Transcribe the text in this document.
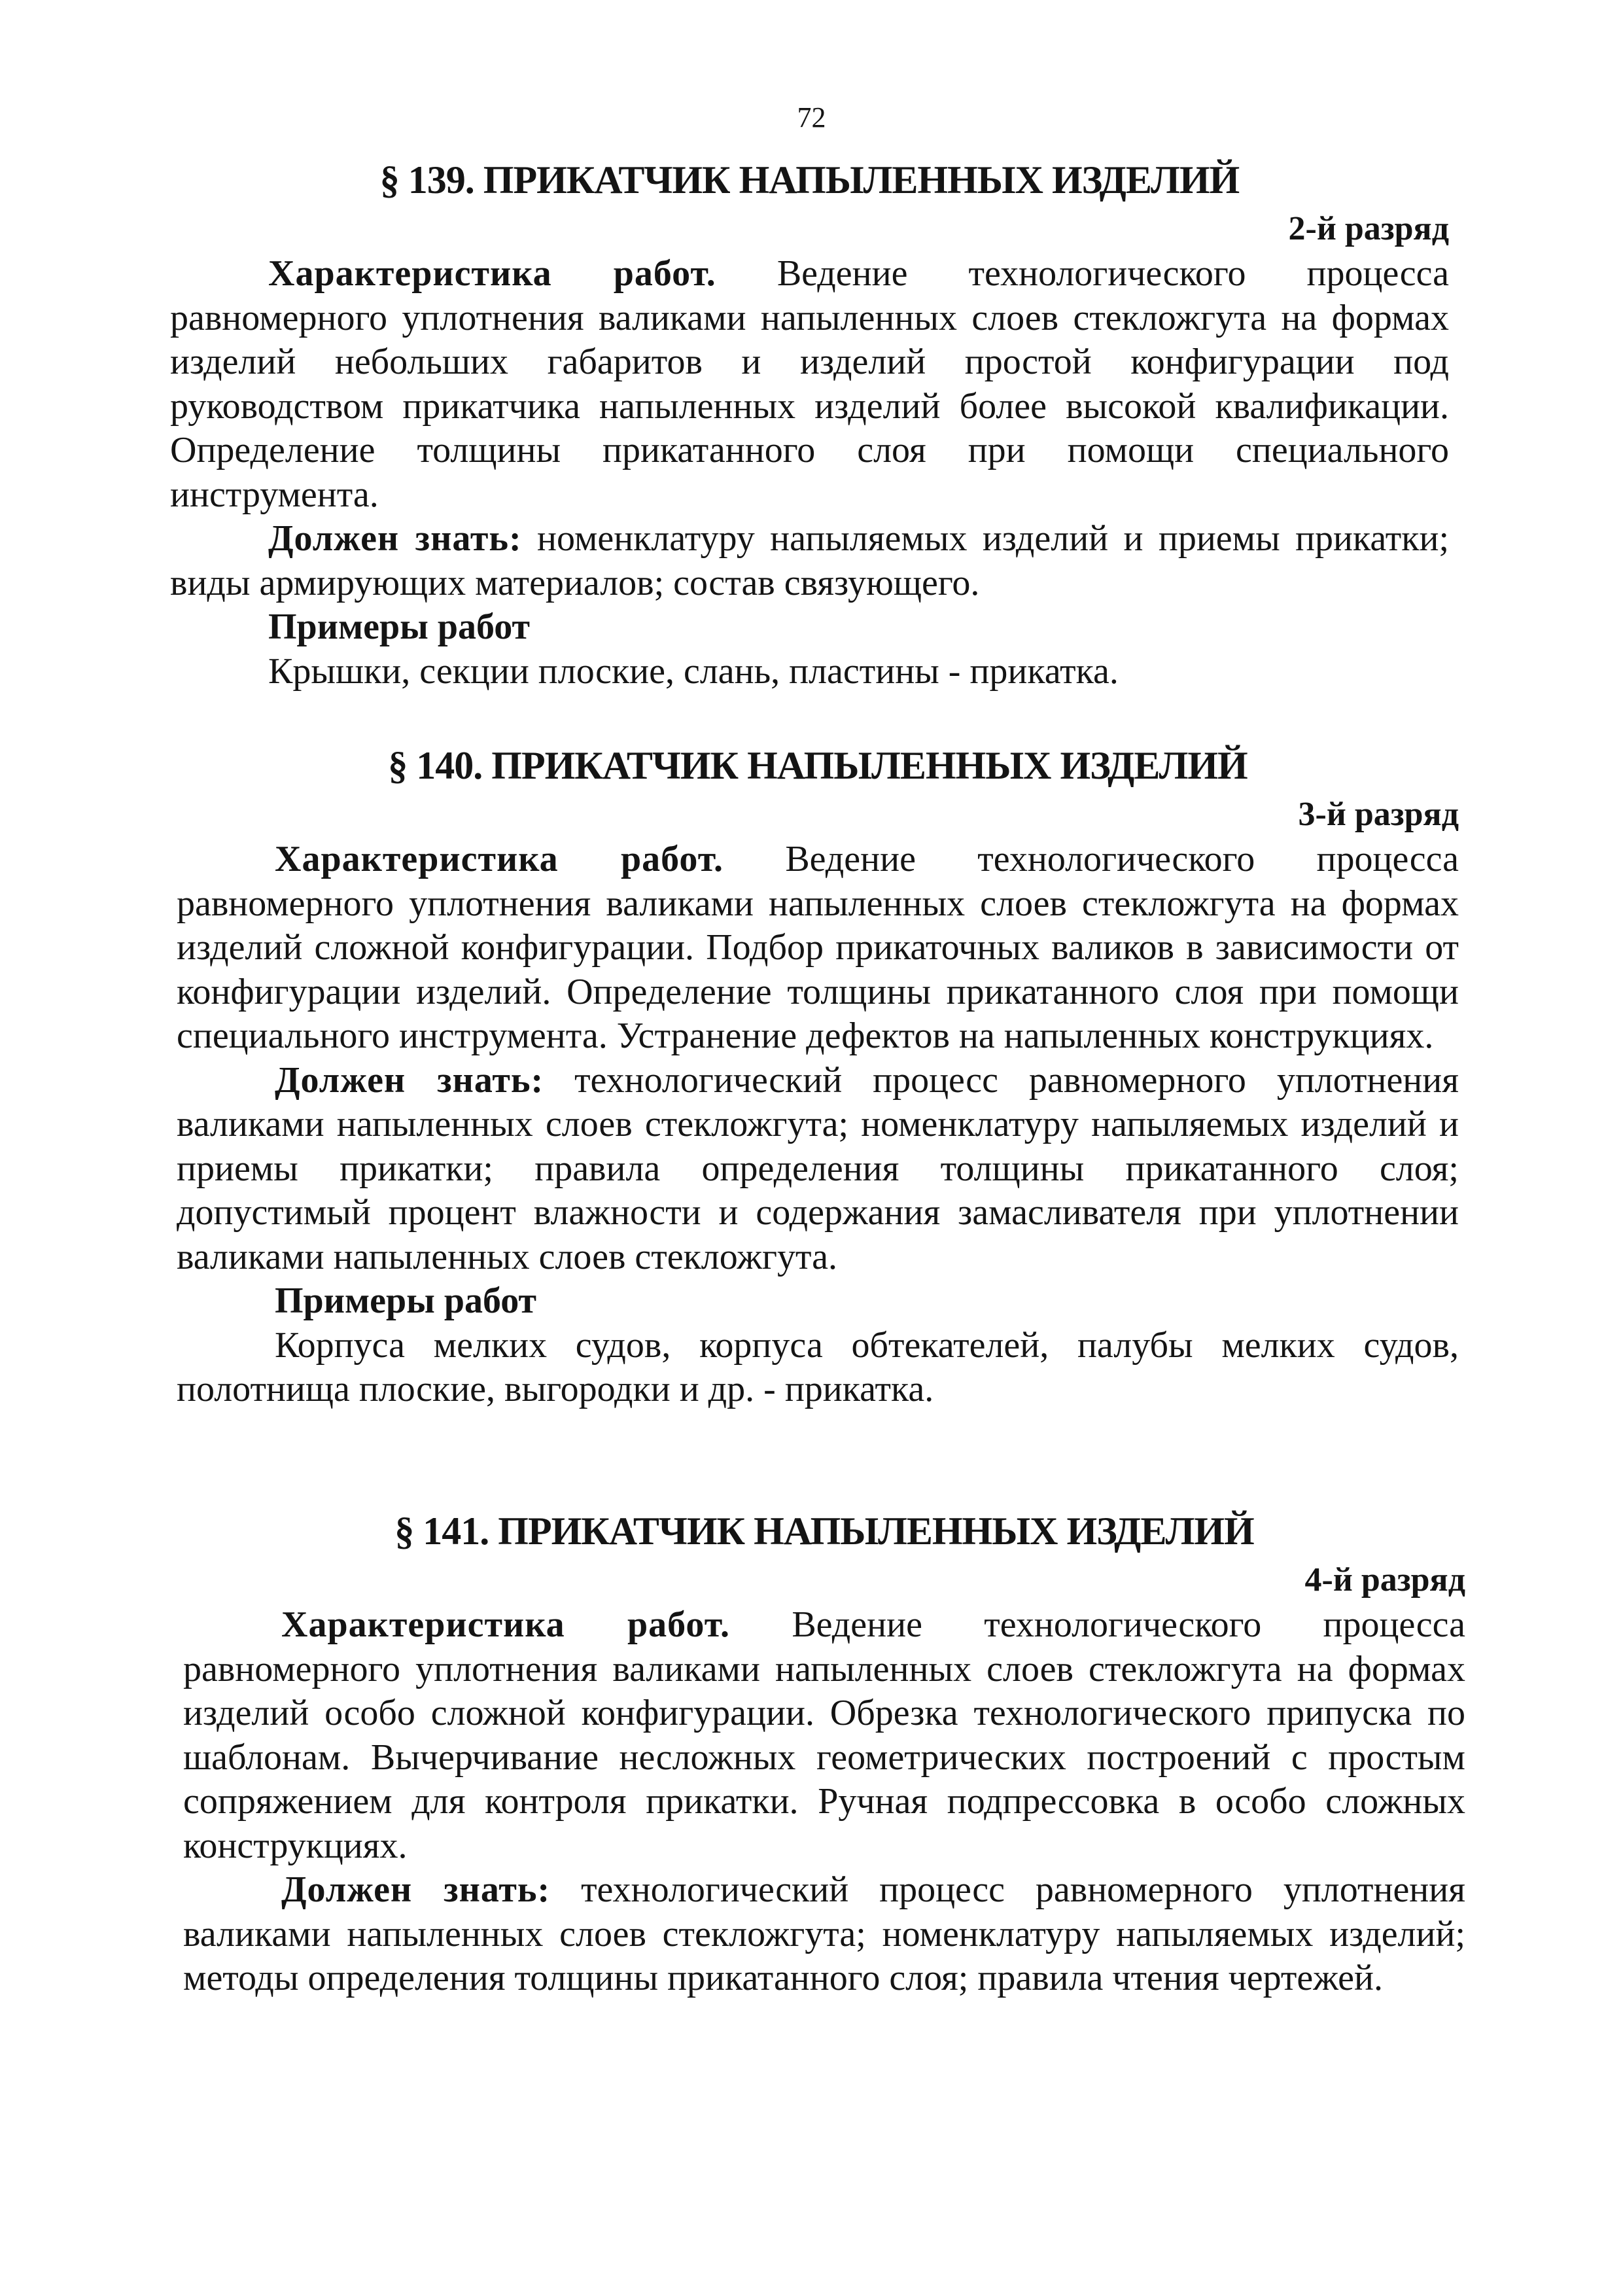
72

§ 139. ПРИКАТЧИК НАПЫЛЕННЫХ ИЗДЕЛИЙ

2-й разряд

Характеристика работ. Ведение технологического процесса равномерного уплотнения валиками напыленных слоев стекложгута на формах изделий небольших габаритов и изделий простой конфигурации под руководством прикатчика напыленных изделий более высокой квалификации. Определение толщины прикатанного слоя при помощи специального инструмента.

Должен знать: номенклатуру напыляемых изделий и приемы прикатки; виды армирующих материалов; состав связующего.

Примеры работ

Крышки, секции плоские, слань, пластины - прикатка.

§ 140. ПРИКАТЧИК НАПЫЛЕННЫХ ИЗДЕЛИЙ

3-й разряд

Характеристика работ. Ведение технологического процесса равномерного уплотнения валиками напыленных слоев стекложгута на формах изделий сложной конфигурации. Подбор прикаточных валиков в зависимости от конфигурации изделий. Определение толщины прикатанного слоя при помощи специального инструмента. Устранение дефектов на напыленных конструкциях.

Должен знать: технологический процесс равномерного уплотнения валиками напыленных слоев стекложгута; номенклатуру напыляемых изделий и приемы прикатки; правила определения толщины прикатанного слоя; допустимый процент влажности и содержания замасливателя при уплотнении валиками напыленных слоев стекложгута.

Примеры работ

Корпуса мелких судов, корпуса обтекателей, палубы мелких судов, полотнища плоские, выгородки и др. - прикатка.

§ 141. ПРИКАТЧИК НАПЫЛЕННЫХ ИЗДЕЛИЙ

4-й разряд

Характеристика работ. Ведение технологического процесса равномерного уплотнения валиками напыленных слоев стекложгута на формах изделий особо сложной конфигурации. Обрезка технологического припуска по шаблонам. Вычерчивание несложных геометрических построений с простым сопряжением для контроля прикатки. Ручная подпрессовка в особо сложных конструкциях.

Должен знать: технологический процесс равномерного уплотнения валиками напыленных слоев стекложгута; номенклатуру напыляемых изделий; методы определения толщины прикатанного слоя; правила чтения чертежей.
